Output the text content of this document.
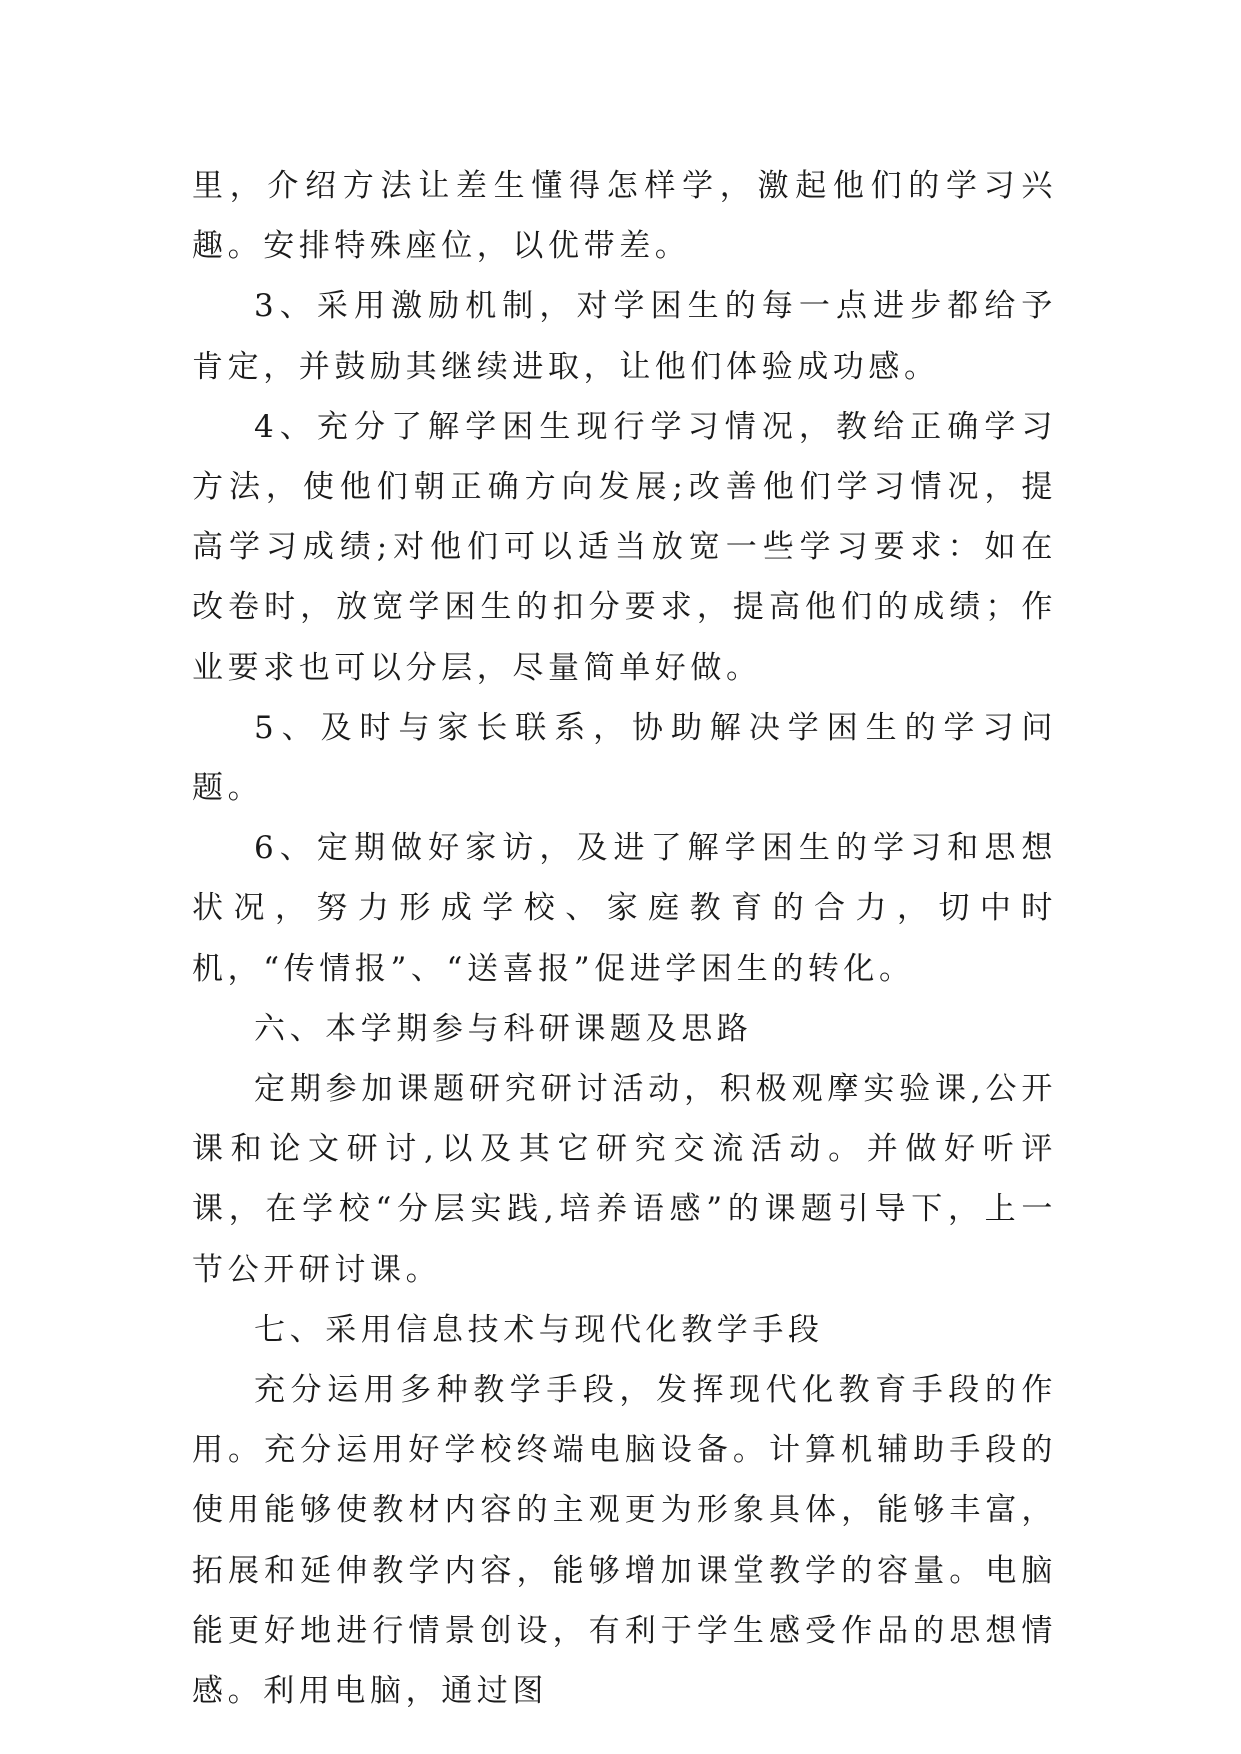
里，介绍方法让差生懂得怎样学，激起他们的学习兴趣。安排特殊座位，以优带差。

3、采用激励机制，对学困生的每一点进步都给予肯定，并鼓励其继续进取，让他们体验成功感。

4、充分了解学困生现行学习情况，教给正确学习方法，使他们朝正确方向发展;改善他们学习情况，提高学习成绩;对他们可以适当放宽一些学习要求：如在改卷时，放宽学困生的扣分要求，提高他们的成绩；作业要求也可以分层，尽量简单好做。

5、及时与家长联系，协助解决学困生的学习问题。

6、定期做好家访，及进了解学困生的学习和思想状况，努力形成学校、家庭教育的合力，切中时机，“传情报”、“送喜报”促进学困生的转化。

六、本学期参与科研课题及思路

定期参加课题研究研讨活动，积极观摩实验课,公开课和论文研讨,以及其它研究交流活动。并做好听评课，在学校“分层实践,培养语感”的课题引导下，上一节公开研讨课。

七、采用信息技术与现代化教学手段

充分运用多种教学手段，发挥现代化教育手段的作用。充分运用好学校终端电脑设备。计算机辅助手段的使用能够使教材内容的主观更为形象具体，能够丰富，拓展和延伸教学内容，能够增加课堂教学的容量。电脑能更好地进行情景创设，有利于学生感受作品的思想情感。利用电脑，通过图
